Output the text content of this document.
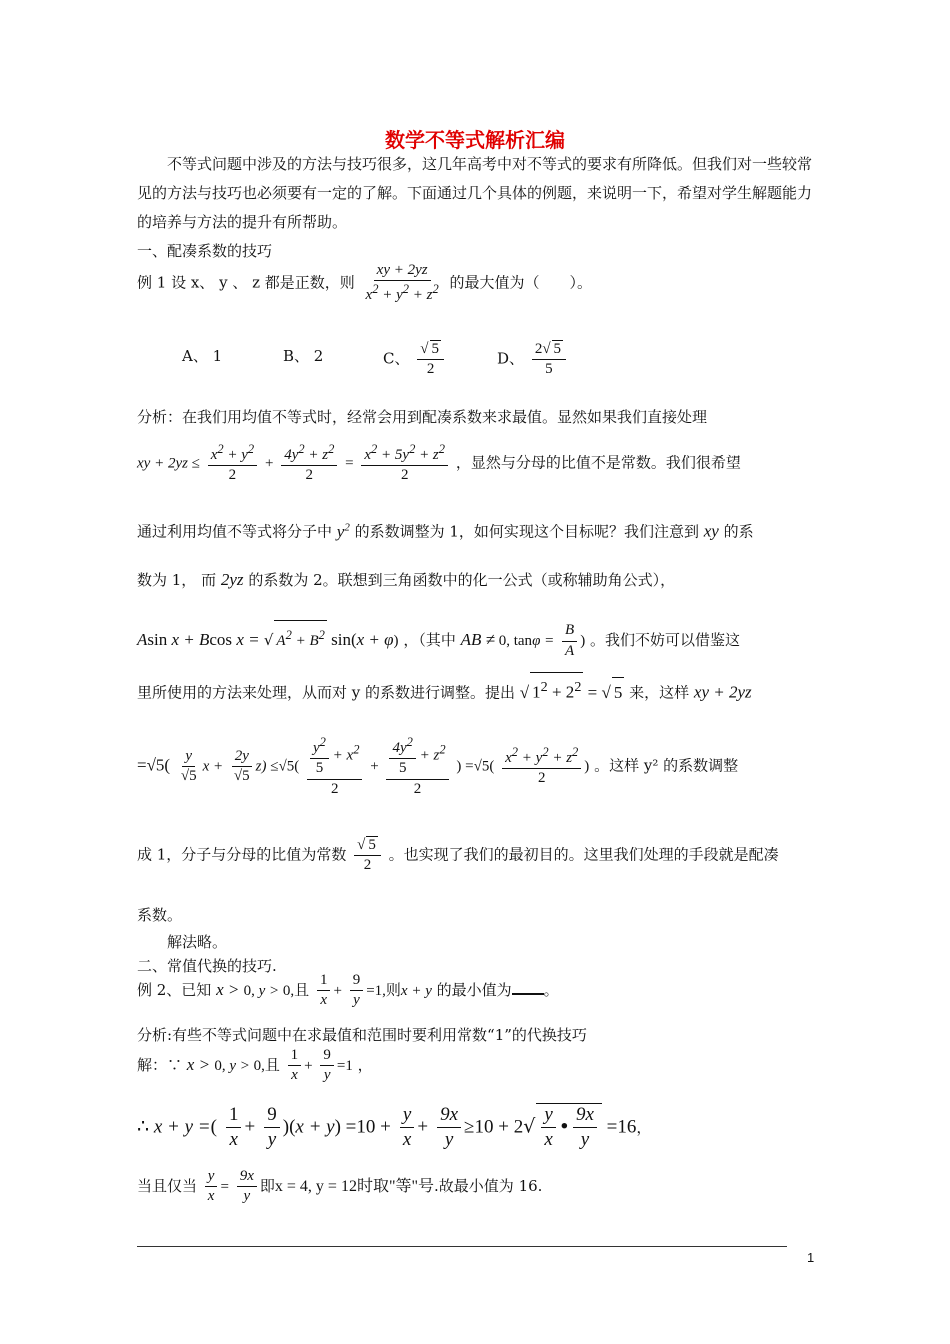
数学不等式解析汇编

不等式问题中涉及的方法与技巧很多，这几年高考中对不等式的要求有所降低。但我们对一些较常见的方法与技巧也必须要有一定的了解。下面通过几个具体的例题，来说明一下，希望对学生解题能力的培养与方法的提升有所帮助。

一、配凑系数的技巧
例 1 设 x、 y 、 z 都是正数，则 $\frac{xy + 2yz}{x^2 + y^2 + z^2}$ 的最大值为（　　）。
A、 1	B、 2	C、 $\frac{√ 5}{2}$	D、 $\frac{2√ 5}{5}$
分析：在我们用均值不等式时，经常会用到配凑系数来求最值。显然如果我们直接处理
xy + $2yz \le \frac{x^2 + y^2}{2} + \frac{4y^2 + z^2}{2} = \frac{x^2 + 5y^2 + z^2}{2}$ ，显然与分母的比值不是常数。我们很希望
通过利用均值不等式将分子中 $y^2$ 的系数调整为 1，如何实现这个目标呢？我们注意到 xy 的系
数为 1， 而 2yz 的系数为 2。联想到三角函数中的化一公式（或称辅助角公式），
Asin x + Bcos x = √ $A^2 + B^2$ sin(x + φ) ，（其中 AB ≠ 0, $\tan\varphi = \frac{B}{A}$ ) 。我们不妨可以借鉴这
里所使用的方法来处理，从而对 y 的系数进行调整。提出 √ $1^2 + 2^2$ = √ 5 来，这样 xy + 2yz
$=√5( \frac{y}{√5}$ $x + \frac{2y}{√5} z) \le√5( \frac{\frac{y^2}{5} + x^2}{2} + \frac{\frac{4y^2}{5} + z^2}{2}$ ) $=√5( \frac{x^2 + y^2 + z^2}{2}$ ) 。这样 y² 的系数调整
成 1，分子与分母的比值为常数 $\frac{√ 5}{2}$ 。也实现了我们的最初目的。这里我们处理的手段就是配凑
系数。
解法略。
二、常值代换的技巧.
例 2、已知 x > 0, y > 0,且 $\frac{1}{x} + \frac{9}{y} =1$,则x + y 的最小值为 。
分析:有些不等式问题中在求最值和范围时要利用常数“1”的代换技巧
解：∵ x > 0, y > 0,且 $\frac{1}{x} + \frac{9}{y} =1$ ，
∴ x + y =( $\frac{1}{x} + \frac{9}{y} )(x + y) =10 + \frac{y}{x} + \frac{9x}{y} \ge 10 + 2√ \frac{y}{x}$ • $\frac{9x}{y} =16$，
当且仅当 $\frac{y}{x} = \frac{9x}{y}$ 即x = 4, y = 12时取"等"号.故最小值为 16.
1
